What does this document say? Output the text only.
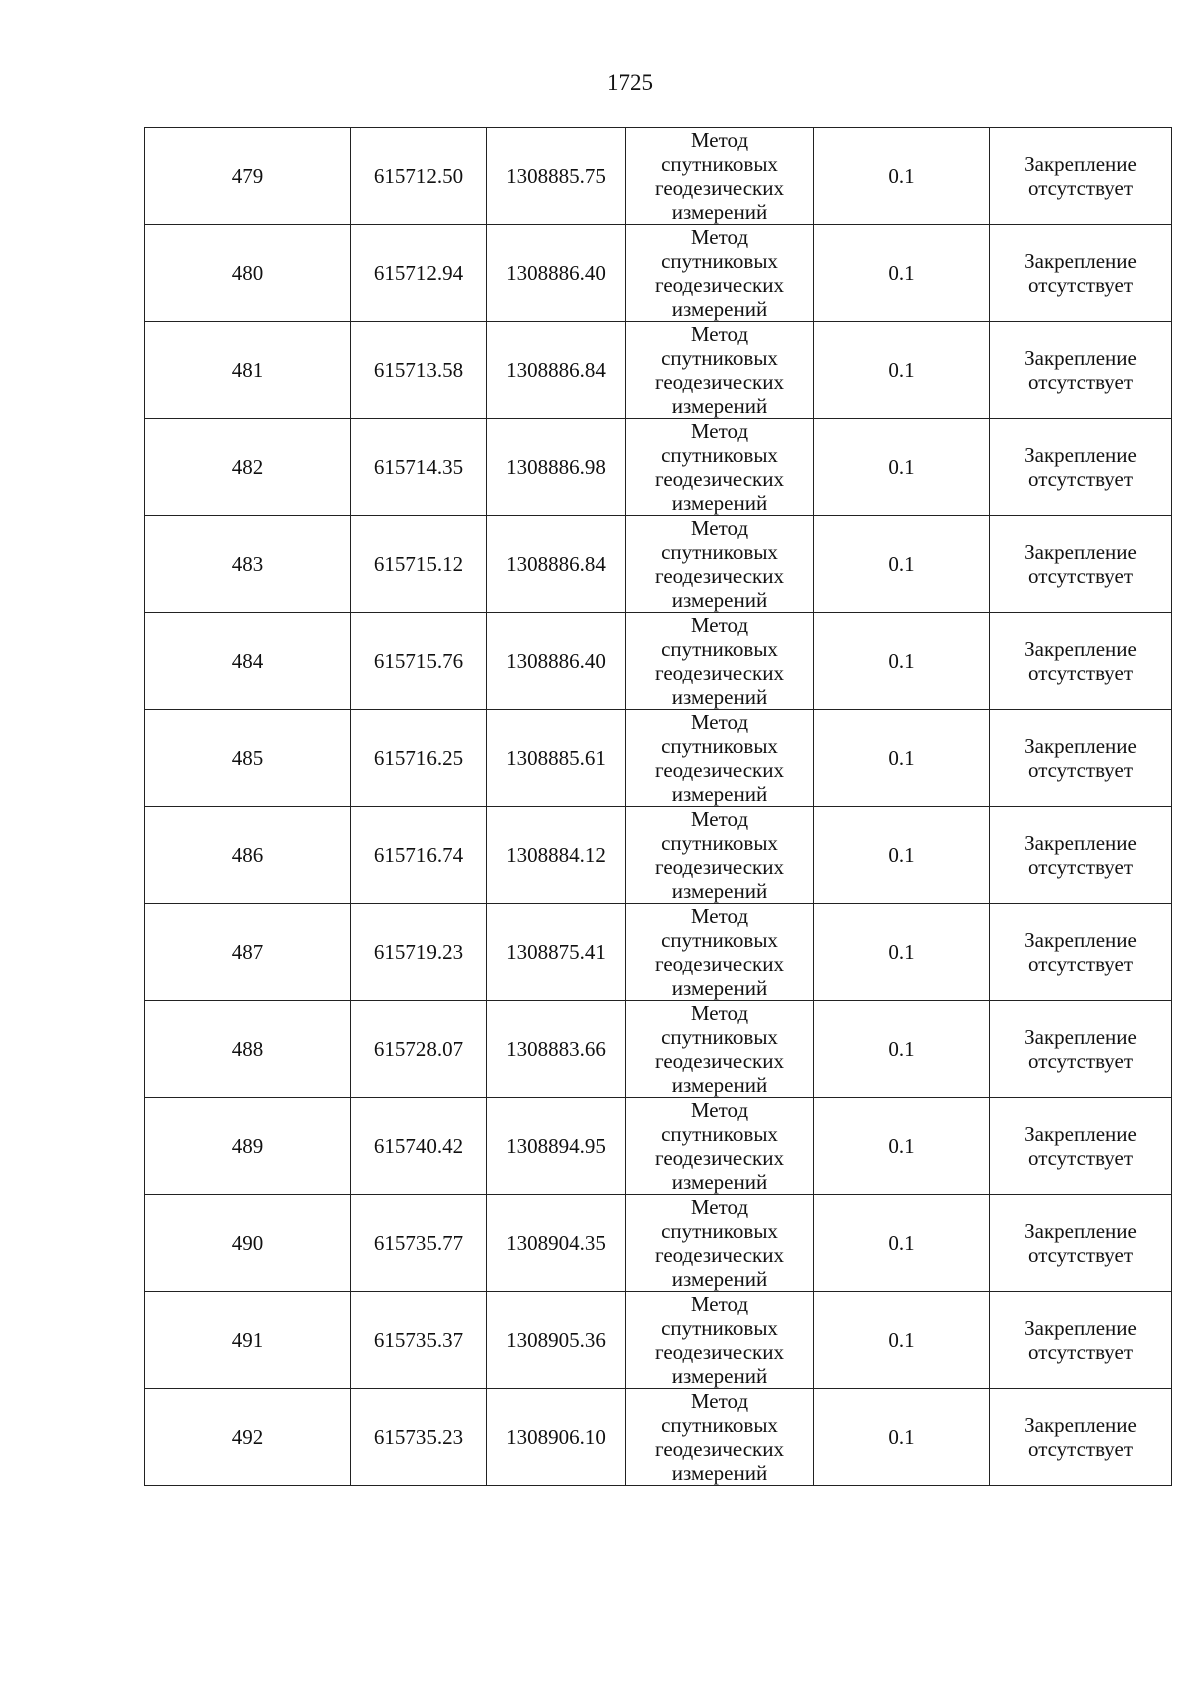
1725
479	615712.50	1308885.75	Метод
спутниковых
геодезических
измерений	0.1	Закрепление
отсутствует

480	615712.94	1308886.40	Метод
спутниковых
геодезических
измерений	0.1	Закрепление
отсутствует

481	615713.58	1308886.84	Метод
спутниковых
геодезических
измерений	0.1	Закрепление
отсутствует

482	615714.35	1308886.98	Метод
спутниковых
геодезических
измерений	0.1	Закрепление
отсутствует

483	615715.12	1308886.84	Метод
спутниковых
геодезических
измерений	0.1	Закрепление
отсутствует

484	615715.76	1308886.40	Метод
спутниковых
геодезических
измерений	0.1	Закрепление
отсутствует

485	615716.25	1308885.61	Метод
спутниковых
геодезических
измерений	0.1	Закрепление
отсутствует

486	615716.74	1308884.12	Метод
спутниковых
геодезических
измерений	0.1	Закрепление
отсутствует

487	615719.23	1308875.41	Метод
спутниковых
геодезических
измерений	0.1	Закрепление
отсутствует

488	615728.07	1308883.66	Метод
спутниковых
геодезических
измерений	0.1	Закрепление
отсутствует

489	615740.42	1308894.95	Метод
спутниковых
геодезических
измерений	0.1	Закрепление
отсутствует

490	615735.77	1308904.35	Метод
спутниковых
геодезических
измерений	0.1	Закрепление
отсутствует

491	615735.37	1308905.36	Метод
спутниковых
геодезических
измерений	0.1	Закрепление
отсутствует

492	615735.23	1308906.10	Метод
спутниковых
геодезических
измерений	0.1	Закрепление
отсутствует
